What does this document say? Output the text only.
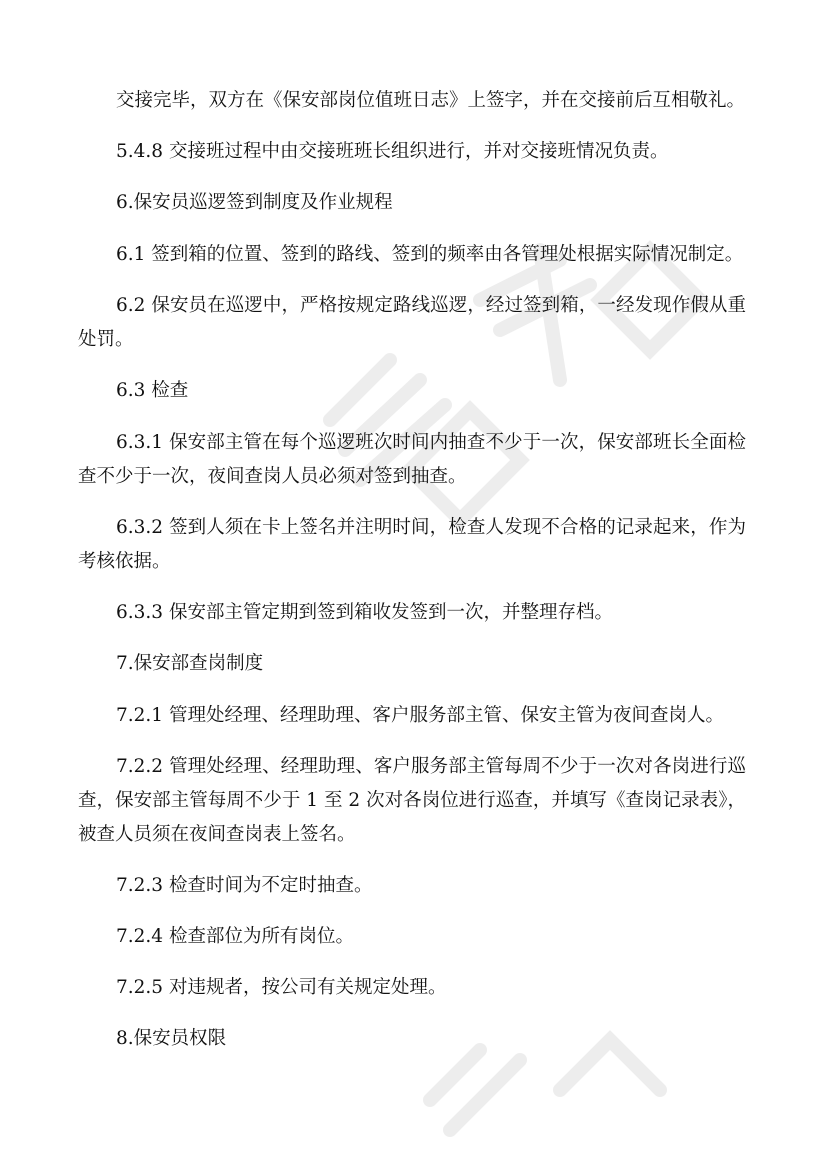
交接完毕，双方在《保安部岗位值班日志》上签字，并在交接前后互相敬礼。

5.4.8 交接班过程中由交接班班长组织进行，并对交接班情况负责。

6.保安员巡逻签到制度及作业规程

6.1 签到箱的位置、签到的路线、签到的频率由各管理处根据实际情况制定。

6.2 保安员在巡逻中，严格按规定路线巡逻，经过签到箱，一经发现作假从重处罚。

6.3 检查

6.3.1 保安部主管在每个巡逻班次时间内抽查不少于一次，保安部班长全面检查不少于一次，夜间查岗人员必须对签到抽查。

6.3.2 签到人须在卡上签名并注明时间，检查人发现不合格的记录起来，作为考核依据。

6.3.3 保安部主管定期到签到箱收发签到一次，并整理存档。

7.保安部查岗制度

7.2.1 管理处经理、经理助理、客户服务部主管、保安主管为夜间查岗人。

7.2.2 管理处经理、经理助理、客户服务部主管每周不少于一次对各岗进行巡查，保安部主管每周不少于 1 至 2 次对各岗位进行巡查，并填写《查岗记录表》，被查人员须在夜间查岗表上签名。

7.2.3 检查时间为不定时抽查。

7.2.4 检查部位为所有岗位。

7.2.5 对违规者，按公司有关规定处理。

8.保安员权限
